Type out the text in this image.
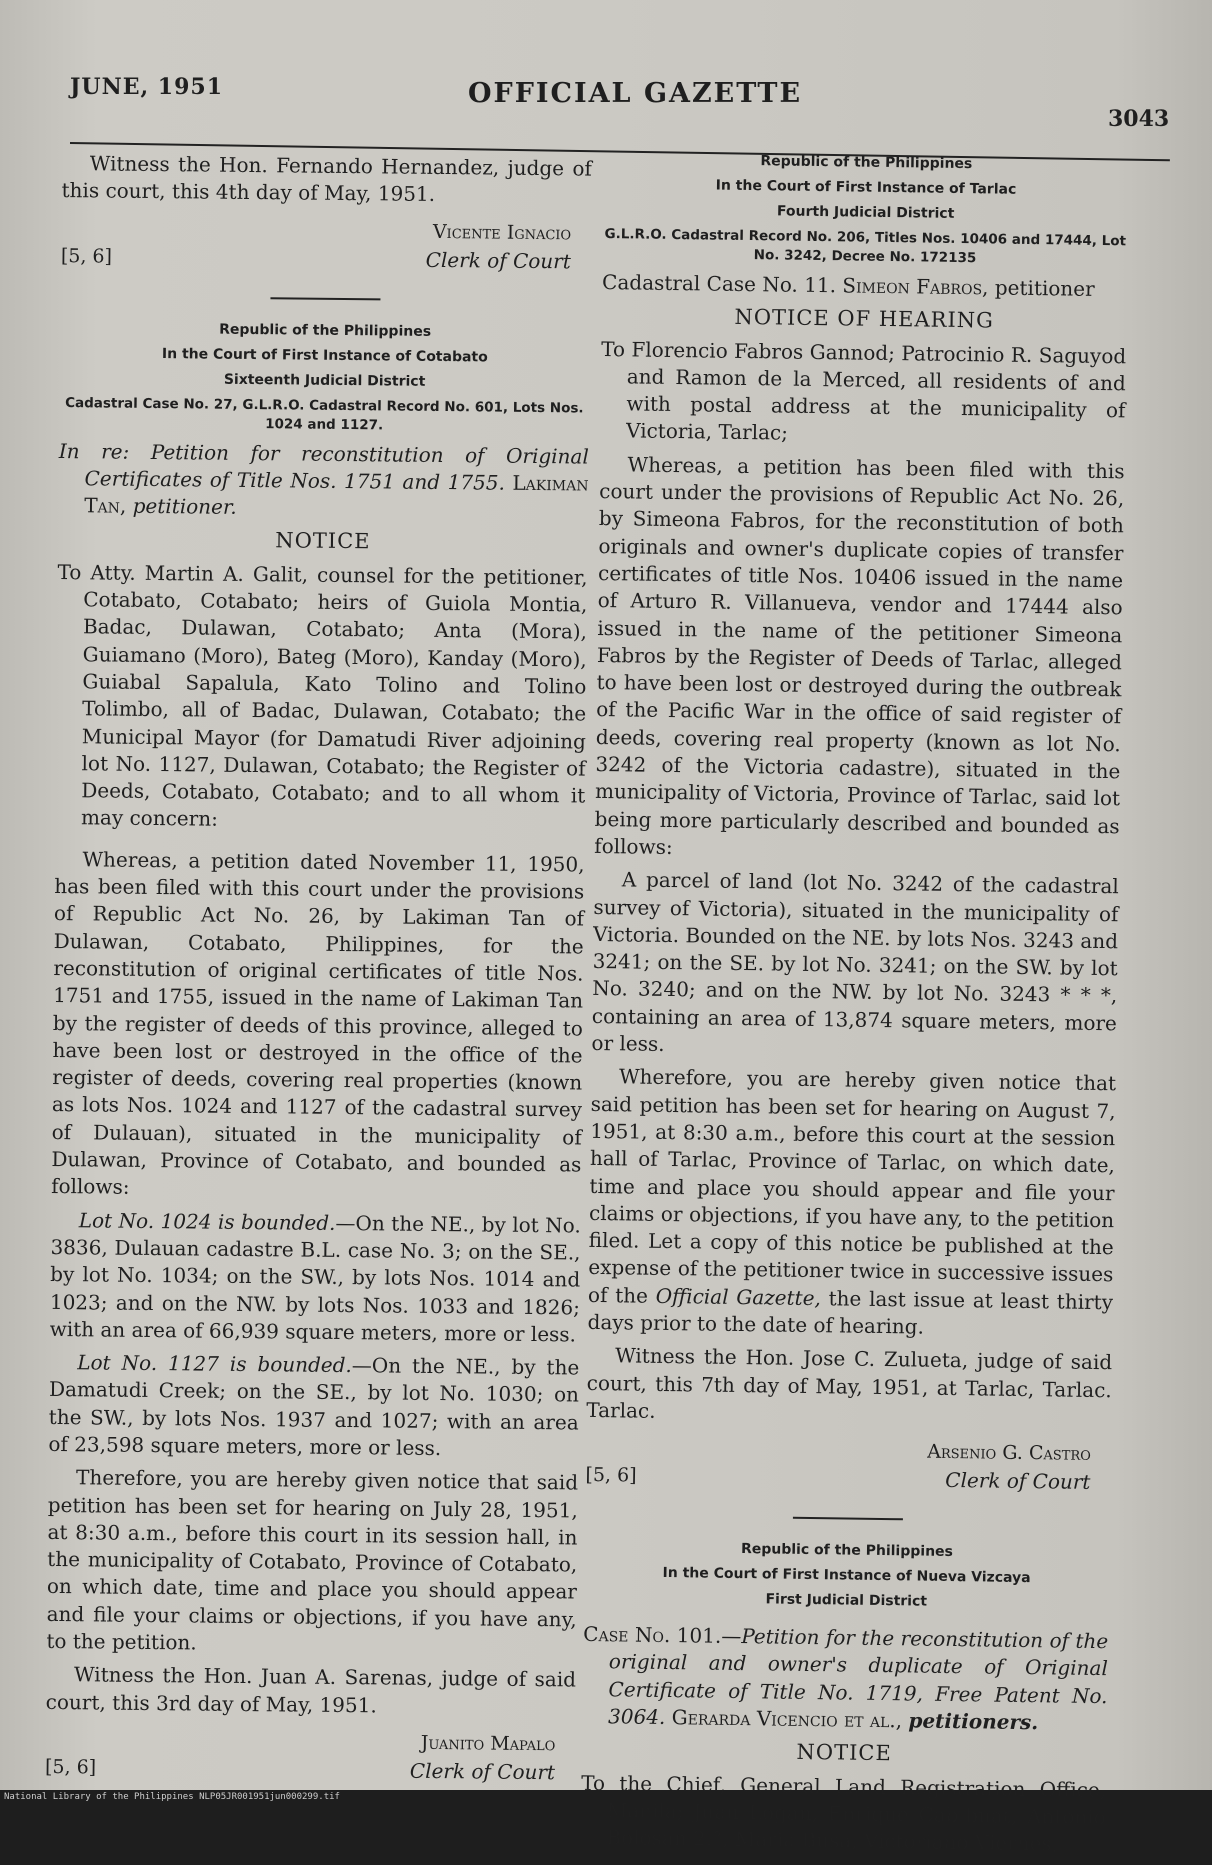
JUNE, 1951	OFFICIAL GAZETTE
3043

Witness the Hon. Fernando Hernandez, judge of this court, this 4th day of May, 1951.

[5, 6]
Vicente Ignacio
Clerk of Court

Republic of the Philippines

In the Court of First Instance of Cotabato

Sixteenth Judicial District

Cadastral Case No. 27, G.L.R.O. Cadastral Record No. 601, Lots Nos. 1024 and 1127.

In re: Petition for reconstitution of Original Certificates of Title Nos. 1751 and 1755. Lakiman Tan, petitioner.

NOTICE

To Atty. Martin A. Galit, counsel for the petitioner, Cotabato, Cotabato; heirs of Guiola Montia, Badac, Dulawan, Cotabato; Anta (Mora), Guiamano (Moro), Bateg (Moro), Kanday (Moro), Guiabal Sapalula, Kato Tolino and Tolino Tolimbo, all of Badac, Dulawan, Cotabato; the Municipal Mayor (for Damatudi River adjoining lot No. 1127, Dulawan, Cotabato; the Register of Deeds, Cotabato, Cotabato; and to all whom it may concern:

Whereas, a petition dated November 11, 1950, has been filed with this court under the provisions of Republic Act No. 26, by Lakiman Tan of Dulawan, Cotabato, Philippines, for the reconstitution of original certificates of title Nos. 1751 and 1755, issued in the name of Lakiman Tan by the register of deeds of this province, alleged to have been lost or destroyed in the office of the register of deeds, covering real properties (known as lots Nos. 1024 and 1127 of the cadastral survey of Dulauan), situated in the municipality of Dulawan, Province of Cotabato, and bounded as follows:

Lot No. 1024 is bounded.—On the NE., by lot No. 3836, Dulauan cadastre B.L. case No. 3; on the SE., by lot No. 1034; on the SW., by lots Nos. 1014 and 1023; and on the NW. by lots Nos. 1033 and 1826; with an area of 66,939 square meters, more or less.

Lot No. 1127 is bounded.—On the NE., by the Damatudi Creek; on the SE., by lot No. 1030; on the SW., by lots Nos. 1937 and 1027; with an area of 23,598 square meters, more or less.

Therefore, you are hereby given notice that said petition has been set for hearing on July 28, 1951, at 8:30 a.m., before this court in its session hall, in the municipality of Cotabato, Province of Cotabato, on which date, time and place you should appear and file your claims or objections, if you have any, to the petition.

Witness the Hon. Juan A. Sarenas, judge of said court, this 3rd day of May, 1951.

[5, 6]
Juanito Mapalo
Clerk of Court

Republic of the Philippines

In the Court of First Instance of Tarlac

Fourth Judicial District

G.L.R.O. Cadastral Record No. 206, Titles Nos. 10406 and 17444, Lot No. 3242, Decree No. 172135

Cadastral Case No. 11. Simeon Fabros, petitioner

NOTICE OF HEARING

To Florencio Fabros Gannod; Patrocinio R. Saguyod and Ramon de la Merced, all residents of and with postal address at the municipality of Victoria, Tarlac;

Whereas, a petition has been filed with this court under the provisions of Republic Act No. 26, by Simeona Fabros, for the reconstitution of both originals and owner's duplicate copies of transfer certificates of title Nos. 10406 issued in the name of Arturo R. Villanueva, vendor and 17444 also issued in the name of the petitioner Simeona Fabros by the Register of Deeds of Tarlac, alleged to have been lost or destroyed during the outbreak of the Pacific War in the office of said register of deeds, covering real property (known as lot No. 3242 of the Victoria cadastre), situated in the municipality of Victoria, Province of Tarlac, said lot being more particularly described and bounded as follows:

A parcel of land (lot No. 3242 of the cadastral survey of Victoria), situated in the municipality of Victoria. Bounded on the NE. by lots Nos. 3243 and 3241; on the SE. by lot No. 3241; on the SW. by lot No. 3240; and on the NW. by lot No. 3243 * * *, containing an area of 13,874 square meters, more or less.

Wherefore, you are hereby given notice that said petition has been set for hearing on August 7, 1951, at 8:30 a.m., before this court at the session hall of Tarlac, Province of Tarlac, on which date, time and place you should appear and file your claims or objections, if you have any, to the petition filed. Let a copy of this notice be published at the expense of the petitioner twice in successive issues of the Official Gazette, the last issue at least thirty days prior to the date of hearing.

Witness the Hon. Jose C. Zulueta, judge of said court, this 7th day of May, 1951, at Tarlac, Tarlac. Tarlac.

[5, 6]
Arsenio G. Castro
Clerk of Court

Republic of the Philippines

In the Court of First Instance of Nueva Vizcaya

First Judicial District

Case No. 101.—Petition for the reconstitution of the original and owner's duplicate of Original Certificate of Title No. 1719, Free Patent No. 3064. Gerarda Vicencio et al., petitioners.

NOTICE

To the Chief, General Land Registration Office, Manila; Juan Logan, Enrique Cab-buat, Antonio Bolosan 2.°, Maria Busa, Victoriano Viernes,

National Library of the Philippines NLP05JR001951jun000299.tif
